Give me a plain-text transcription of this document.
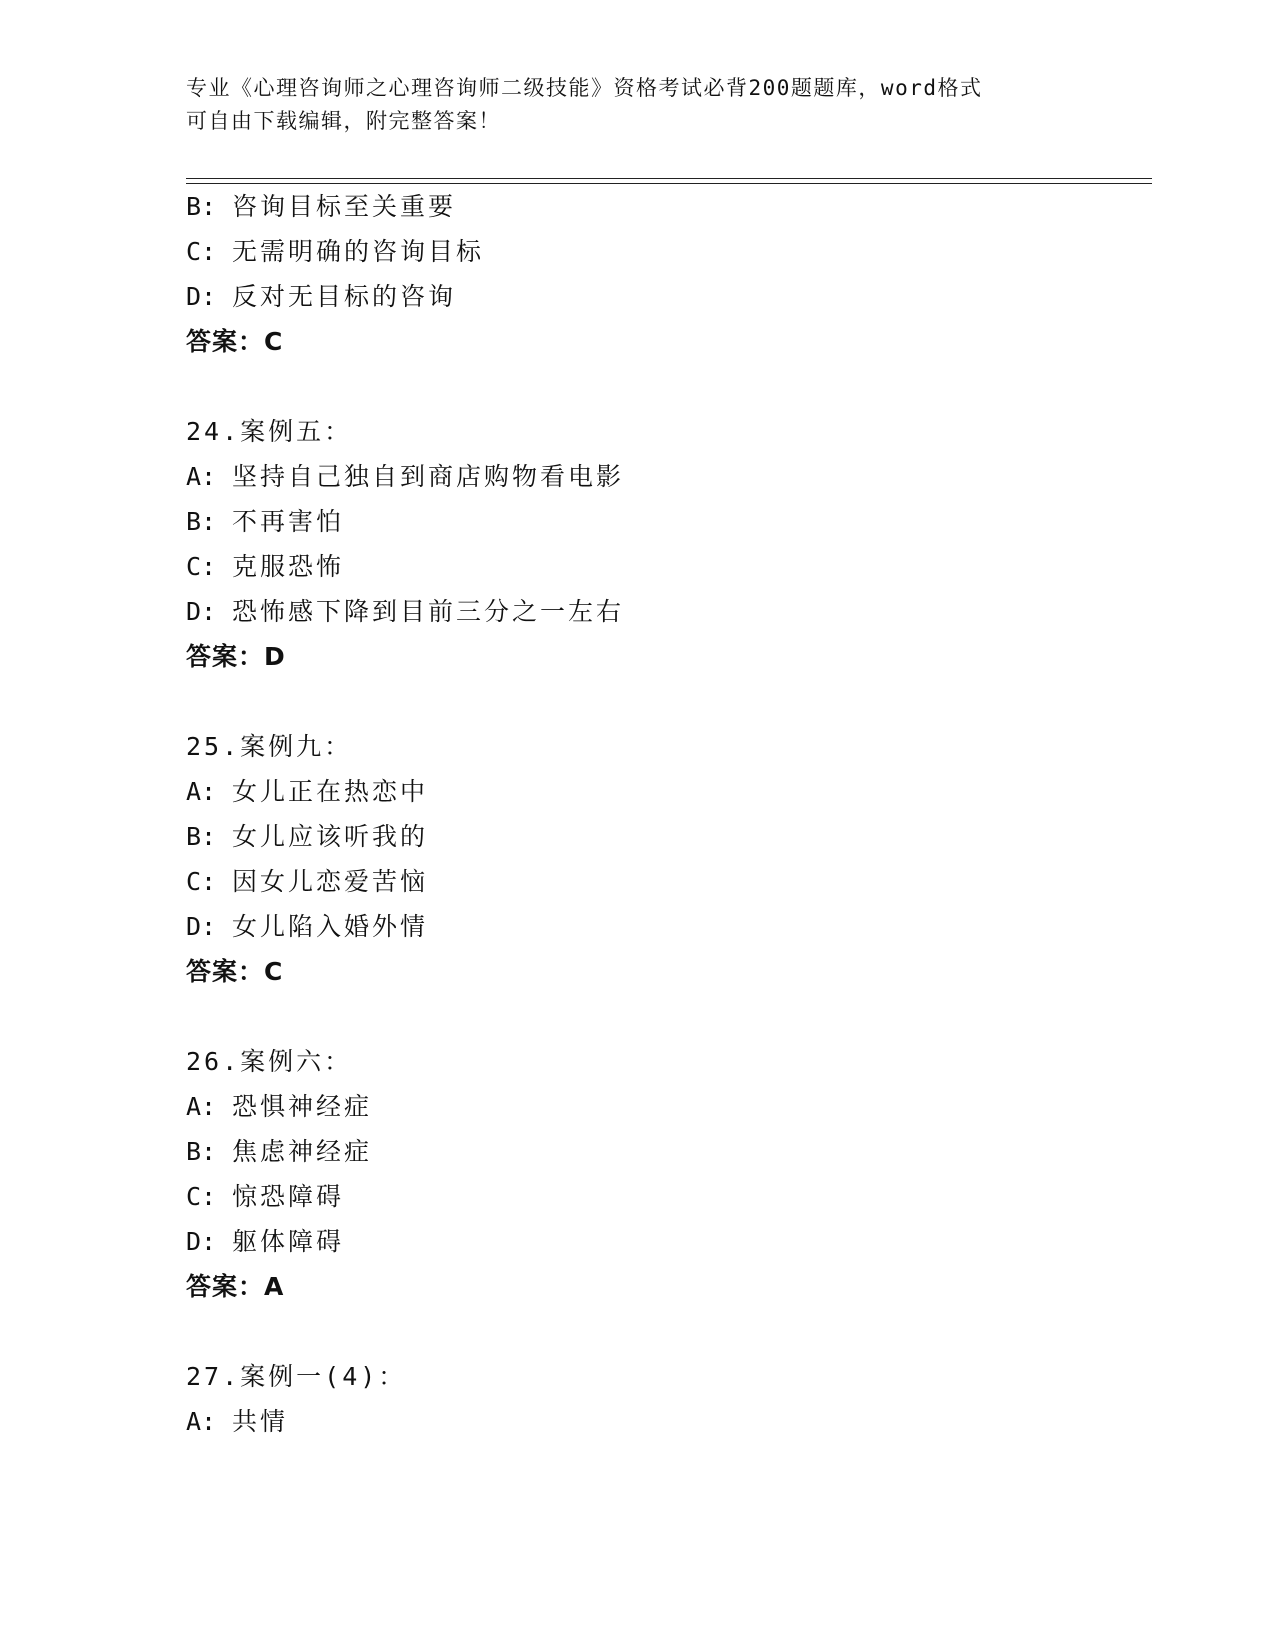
专业《心理咨询师之心理咨询师二级技能》资格考试必背200题题库，word格式
可自由下载编辑，附完整答案！
B: 咨询目标至关重要
C: 无需明确的咨询目标
D: 反对无目标的咨询
答案：C
24.案例五：
A: 坚持自己独自到商店购物看电影
B: 不再害怕
C: 克服恐怖
D: 恐怖感下降到目前三分之一左右
答案：D
25.案例九：
A: 女儿正在热恋中
B: 女儿应该听我的
C: 因女儿恋爱苦恼
D: 女儿陷入婚外情
答案：C
26.案例六：
A: 恐惧神经症
B: 焦虑神经症
C: 惊恐障碍
D: 躯体障碍
答案：A
27.案例一(4)：
A: 共情
